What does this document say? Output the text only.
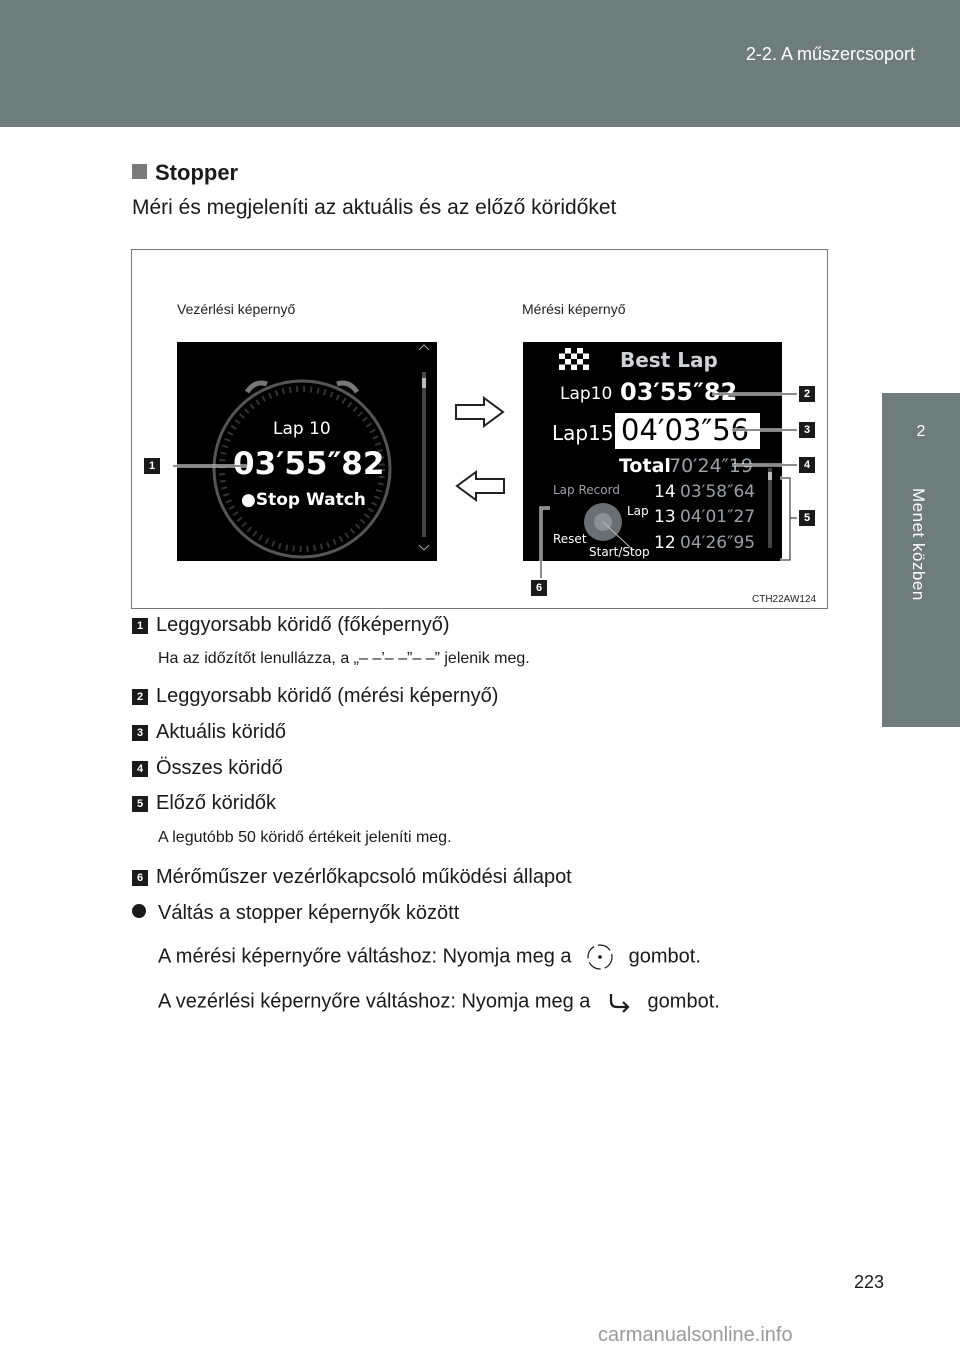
2-2. A műszercsoport
2
Menet közben
Stopper
Méri és megjeleníti az aktuális és az előző köridőket
Vezérlési képernyő	Mérési képernyő
Lap 10
03′55″82
●Stop Watch
Best Lap
Lap10 03′55″82
Lap15 04′03″56
Total
70′24″19
Lap Record 14 03′58″64
13 04′01″27
12 04′26″95
Lap
Reset
Start/Stop
1
2
3
4
5
6
CTH22AW124
1 Leggyorsabb köridő (főképernyő)
Ha az időzítőt lenullázza, a „– –’– –”– –” jelenik meg.
2 Leggyorsabb köridő (mérési képernyő)
3 Aktuális köridő
4 Összes köridő
5 Előző köridők
A legutóbb 50 köridő értékeit jeleníti meg.
6 Mérőműszer vezérlőkapcsoló működési állapot
Váltás a stopper képernyők között
A mérési képernyőre váltáshoz: Nyomja meg a	gombot.
A vezérlési képernyőre váltáshoz: Nyomja meg a	gombot.
223
carmanualsonline.info
